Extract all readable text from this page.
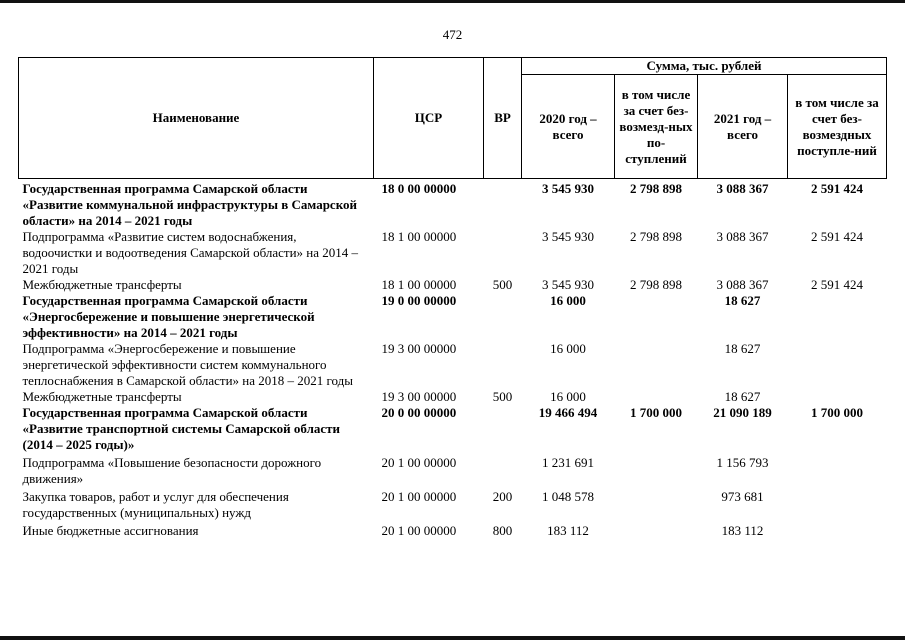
472
Наименование	ЦСР	ВР	Сумма, тыс. рублей			
			2020 год – всего	в том числе за счет без-возмезд-ных по-ступлений	2021 год – всего	в том числе за счет без-возмездных поступле-ний
Государственная программа Самарской области «Развитие коммунальной инфраструктуры в Самарской области» на 2014 – 2021 годы	18 0 00 00000		3 545 930	2 798 898	3 088 367	2 591 424
Подпрограмма «Развитие систем водоснабжения, водоочистки и водоотведения Самарской области» на 2014 – 2021 годы	18 1 00 00000		3 545 930	2 798 898	3 088 367	2 591 424
Межбюджетные трансферты	18 1 00 00000	500	3 545 930	2 798 898	3 088 367	2 591 424
Государственная программа Самарской области «Энергосбережение и повышение энергетической эффективности» на 2014 – 2021 годы	19 0 00 00000		16 000		18 627	
Подпрограмма «Энергосбережение и повышение энергетической эффективности систем коммунального теплоснабжения в Самарской области» на 2018 – 2021 годы	19 3 00 00000		16 000		18 627	
Межбюджетные трансферты	19 3 00 00000	500	16 000		18 627	
Государственная программа Самарской области «Развитие транспортной системы Самарской области (2014 – 2025 годы)»	20 0 00 00000		19 466 494	1 700 000	21 090 189	1 700 000
Подпрограмма «Повышение безопасности дорожного движения»	20 1 00 00000		1 231 691		1 156 793	
Закупка товаров, работ и услуг для обеспечения государственных (муниципальных) нужд	20 1 00 00000	200	1 048 578		973 681	
Иные бюджетные ассигнования	20 1 00 00000	800	183 112		183 112	
